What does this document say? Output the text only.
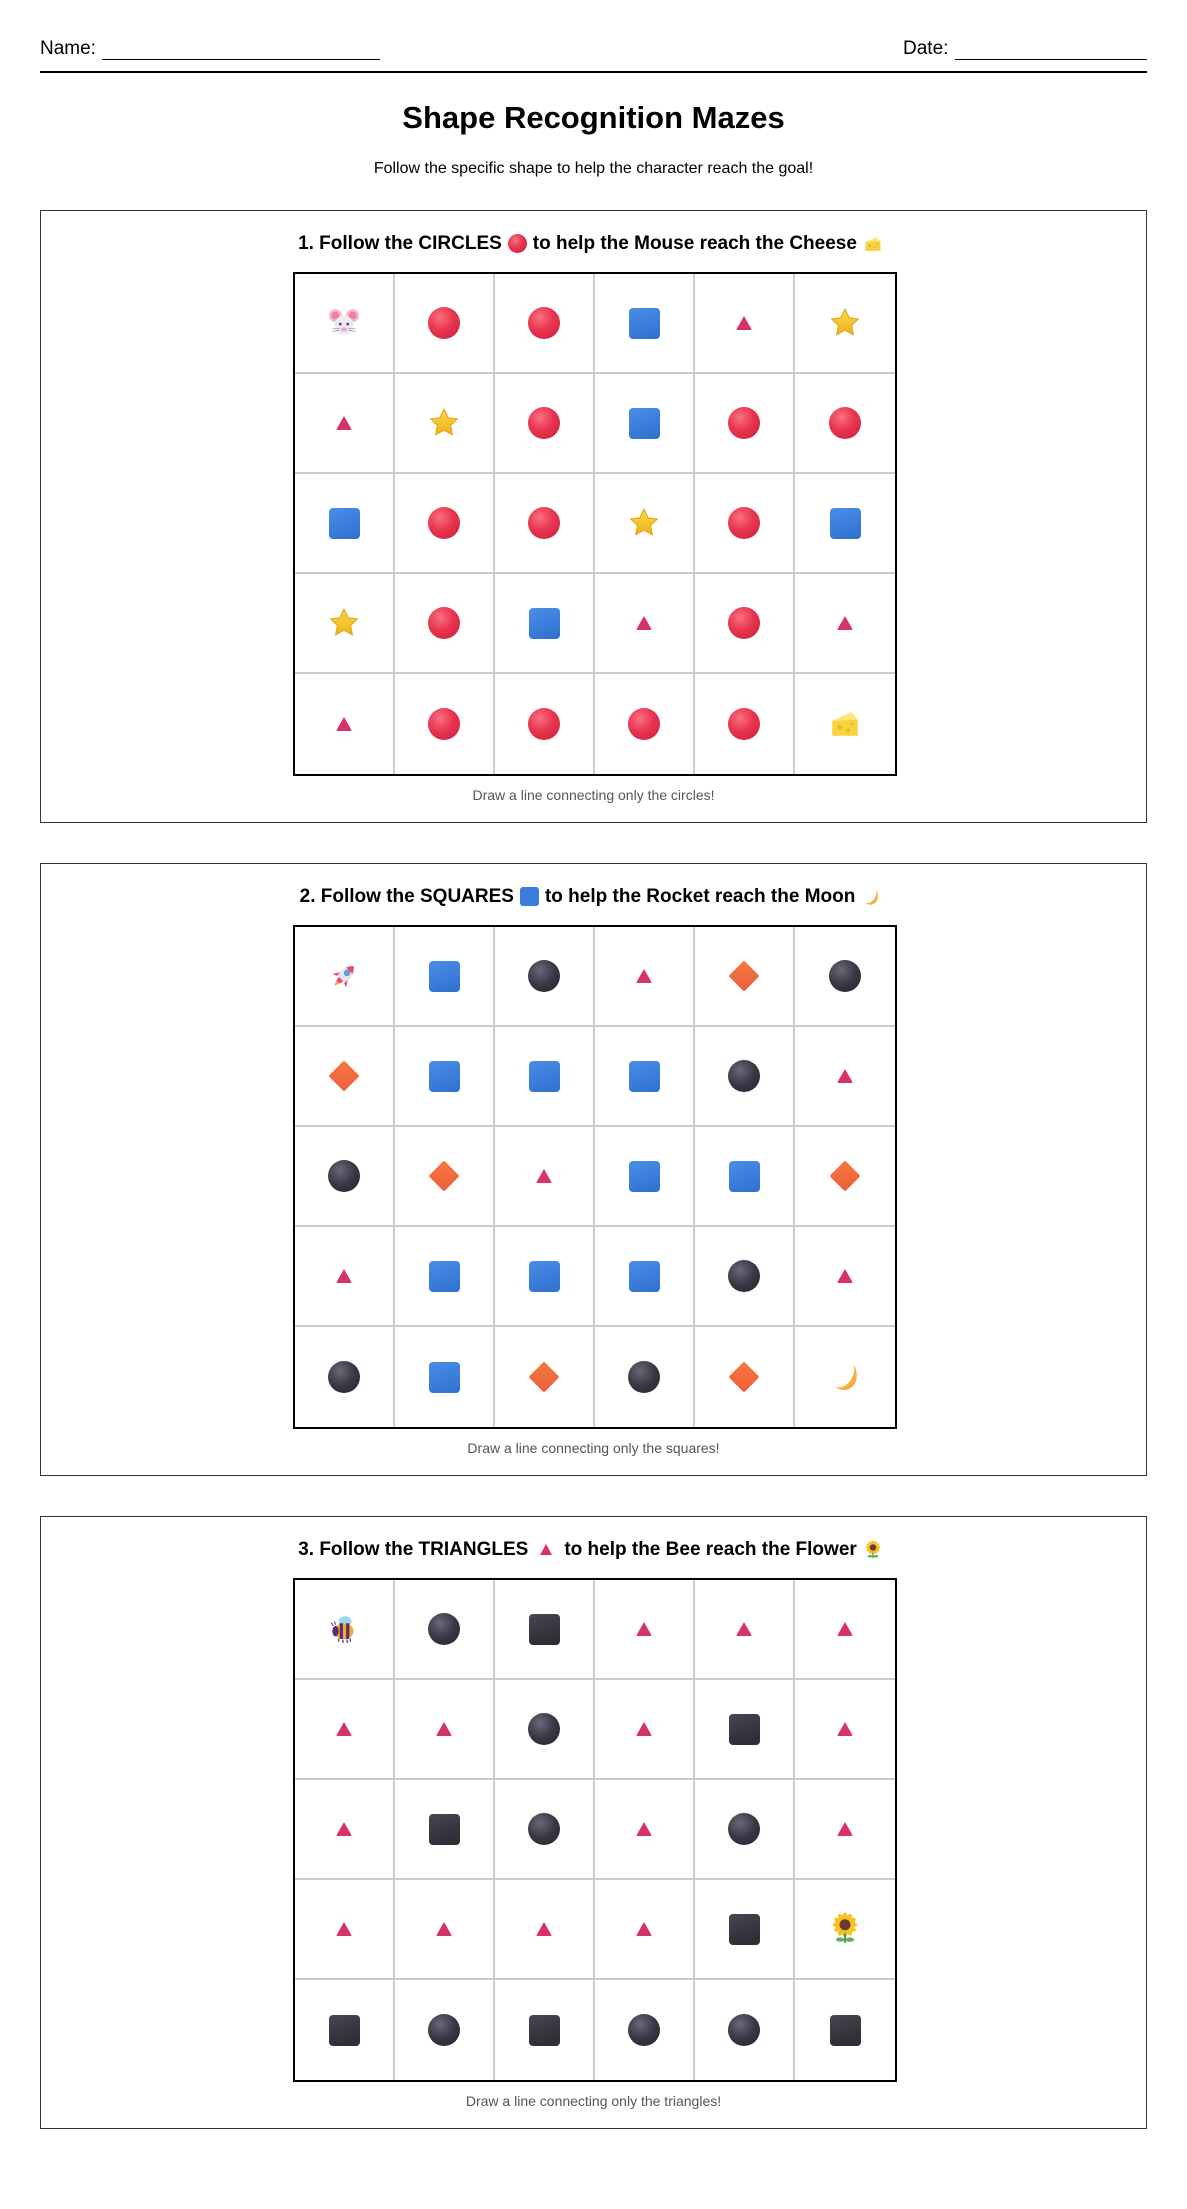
Name:	Date:
Shape Recognition Mazes
Follow the specific shape to help the character reach the goal!
1. Follow the CIRCLES to help the Mouse reach the Cheese
Draw a line connecting only the circles!
2. Follow the SQUARES to help the Rocket reach the Moon
Draw a line connecting only the squares!
3. Follow the TRIANGLES to help the Bee reach the Flower
Draw a line connecting only the triangles!
